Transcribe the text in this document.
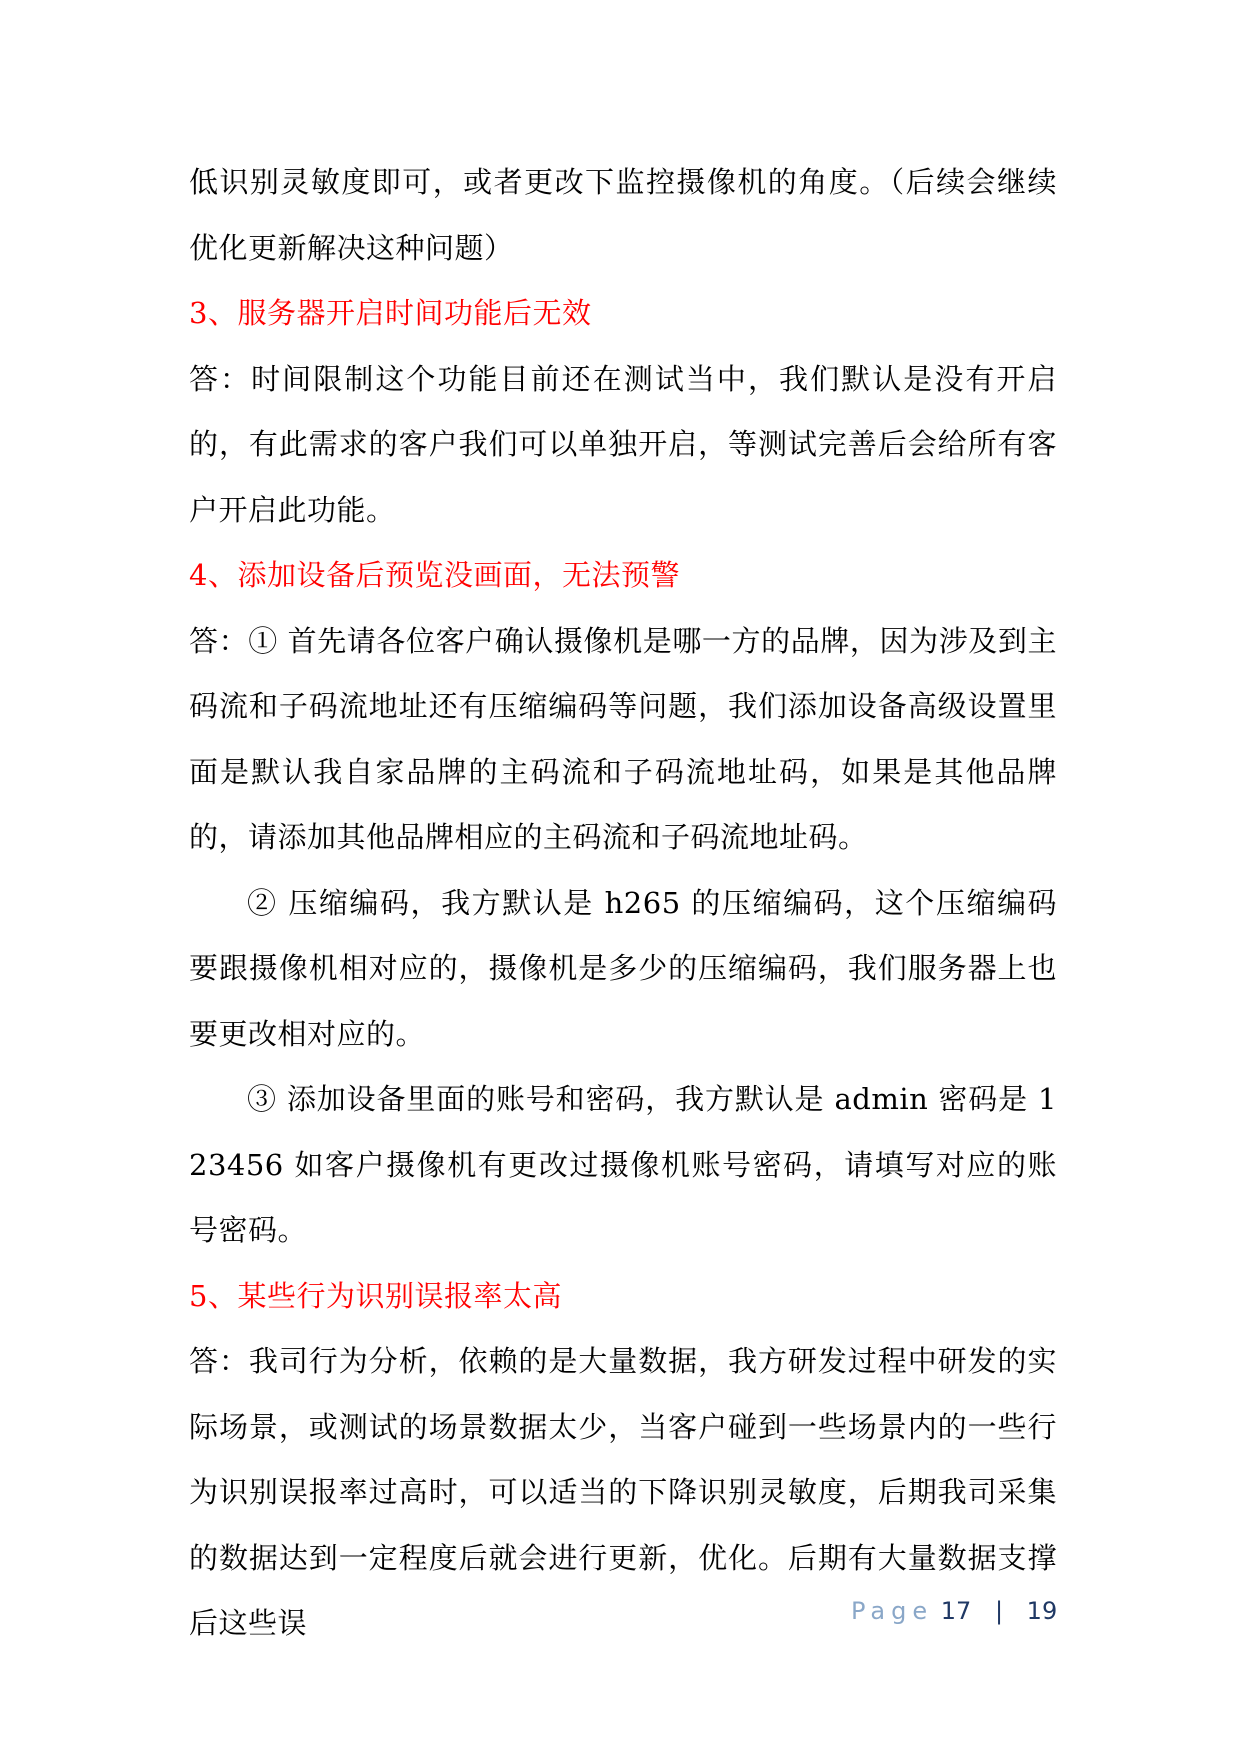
低识别灵敏度即可，或者更改下监控摄像机的角度。（后续会继续优化更新解决这种问题）

3、服务器开启时间功能后无效

答：时间限制这个功能目前还在测试当中，我们默认是没有开启的，有此需求的客户我们可以单独开启，等测试完善后会给所有客户开启此功能。

4、添加设备后预览没画面，无法预警

答：① 首先请各位客户确认摄像机是哪一方的品牌，因为涉及到主码流和子码流地址还有压缩编码等问题，我们添加设备高级设置里面是默认我自家品牌的主码流和子码流地址码，如果是其他品牌的，请添加其他品牌相应的主码流和子码流地址码。

② 压缩编码，我方默认是 h265 的压缩编码，这个压缩编码要跟摄像机相对应的，摄像机是多少的压缩编码，我们服务器上也要更改相对应的。

③ 添加设备里面的账号和密码，我方默认是 admin 密码是 123456 如客户摄像机有更改过摄像机账号密码，请填写对应的账号密码。

5、某些行为识别误报率太高

答：我司行为分析，依赖的是大量数据，我方研发过程中研发的实际场景，或测试的场景数据太少，当客户碰到一些场景内的一些行为识别误报率过高时，可以适当的下降识别灵敏度，后期我司采集的数据达到一定程度后就会进行更新，优化。后期有大量数据支撑后这些误	Page 17 | 19
